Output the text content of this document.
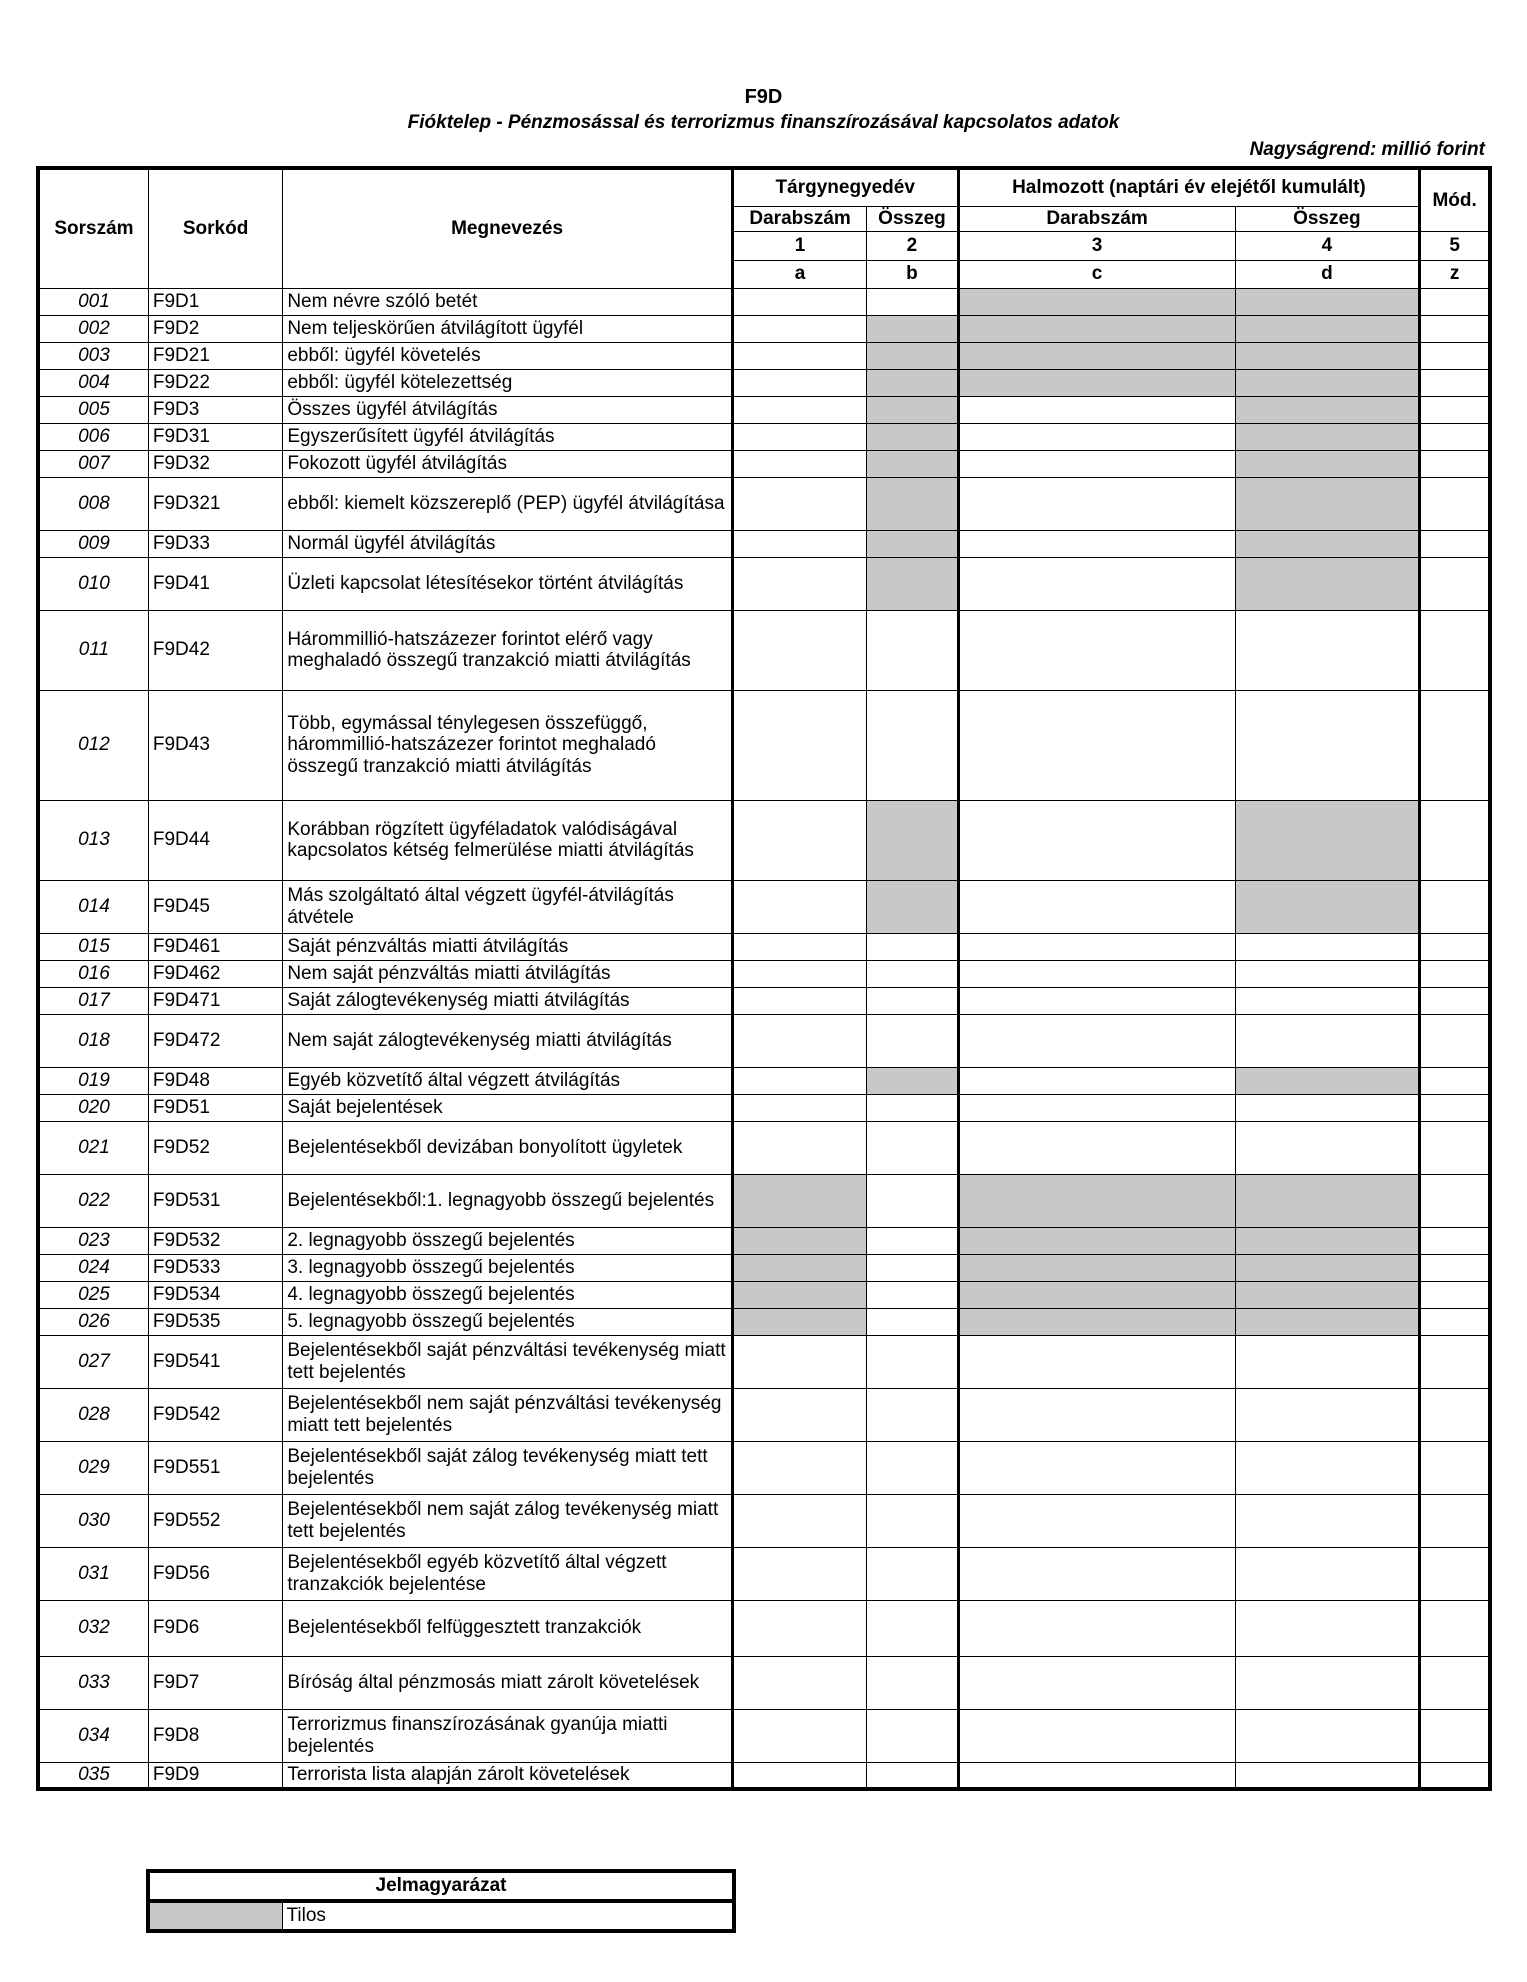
F9D
Fióktelep - Pénzmosással és terrorizmus finanszírozásával kapcsolatos adatok
Nagyságrend: millió forint
Sorszám	Sorkód	Megnevezés	Tárgynegyedév		Halmozott (naptári év elejétől kumulált)		Mód.
			Darabszám	Összeg	Darabszám	Összeg	
			1	2	3	4	5
			a	b	c	d	z
001	F9D1	Nem névre szóló betét					
002	F9D2	Nem teljeskörűen átvilágított ügyfél					
003	F9D21	ebből: ügyfél követelés					
004	F9D22	ebből: ügyfél kötelezettség					
005	F9D3	Összes ügyfél átvilágítás					
006	F9D31	Egyszerűsített ügyfél átvilágítás					
007	F9D32	Fokozott ügyfél átvilágítás					
008	F9D321	ebből: kiemelt közszereplő (PEP) ügyfél átvilágítása					
009	F9D33	Normál ügyfél átvilágítás					
010	F9D41	Üzleti kapcsolat létesítésekor történt átvilágítás					
011	F9D42	Hárommillió-hatszázezer forintot elérő vagy meghaladó összegű tranzakció miatti átvilágítás					
012	F9D43	Több, egymással ténylegesen összefüggő, hárommillió-hatszázezer forintot meghaladó összegű tranzakció miatti átvilágítás					
013	F9D44	Korábban rögzített ügyféladatok valódiságával kapcsolatos kétség felmerülése miatti átvilágítás					
014	F9D45	Más szolgáltató által végzett ügyfél-átvilágítás átvétele					
015	F9D461	Saját pénzváltás miatti átvilágítás					
016	F9D462	Nem saját pénzváltás miatti átvilágítás					
017	F9D471	Saját zálogtevékenység miatti átvilágítás					
018	F9D472	Nem saját zálogtevékenység miatti átvilágítás					
019	F9D48	Egyéb közvetítő által végzett átvilágítás					
020	F9D51	Saját bejelentések					
021	F9D52	Bejelentésekből devizában bonyolított ügyletek					
022	F9D531	Bejelentésekből:1. legnagyobb összegű bejelentés					
023	F9D532	2. legnagyobb összegű bejelentés					
024	F9D533	3. legnagyobb összegű bejelentés					
025	F9D534	4. legnagyobb összegű bejelentés					
026	F9D535	5. legnagyobb összegű bejelentés					
027	F9D541	Bejelentésekből saját pénzváltási tevékenység miatt tett bejelentés					
028	F9D542	Bejelentésekből nem saját pénzváltási tevékenység miatt tett bejelentés					
029	F9D551	Bejelentésekből saját zálog tevékenység miatt tett bejelentés					
030	F9D552	Bejelentésekből nem saját zálog tevékenység miatt tett bejelentés					
031	F9D56	Bejelentésekből egyéb közvetítő által végzett tranzakciók bejelentése					
032	F9D6	Bejelentésekből felfüggesztett tranzakciók					
033	F9D7	Bíróság által pénzmosás miatt zárolt követelések					
034	F9D8	Terrorizmus finanszírozásának gyanúja miatti bejelentés					
035	F9D9	Terrorista lista alapján zárolt követelések					
Jelmagyarázat
	Tilos
